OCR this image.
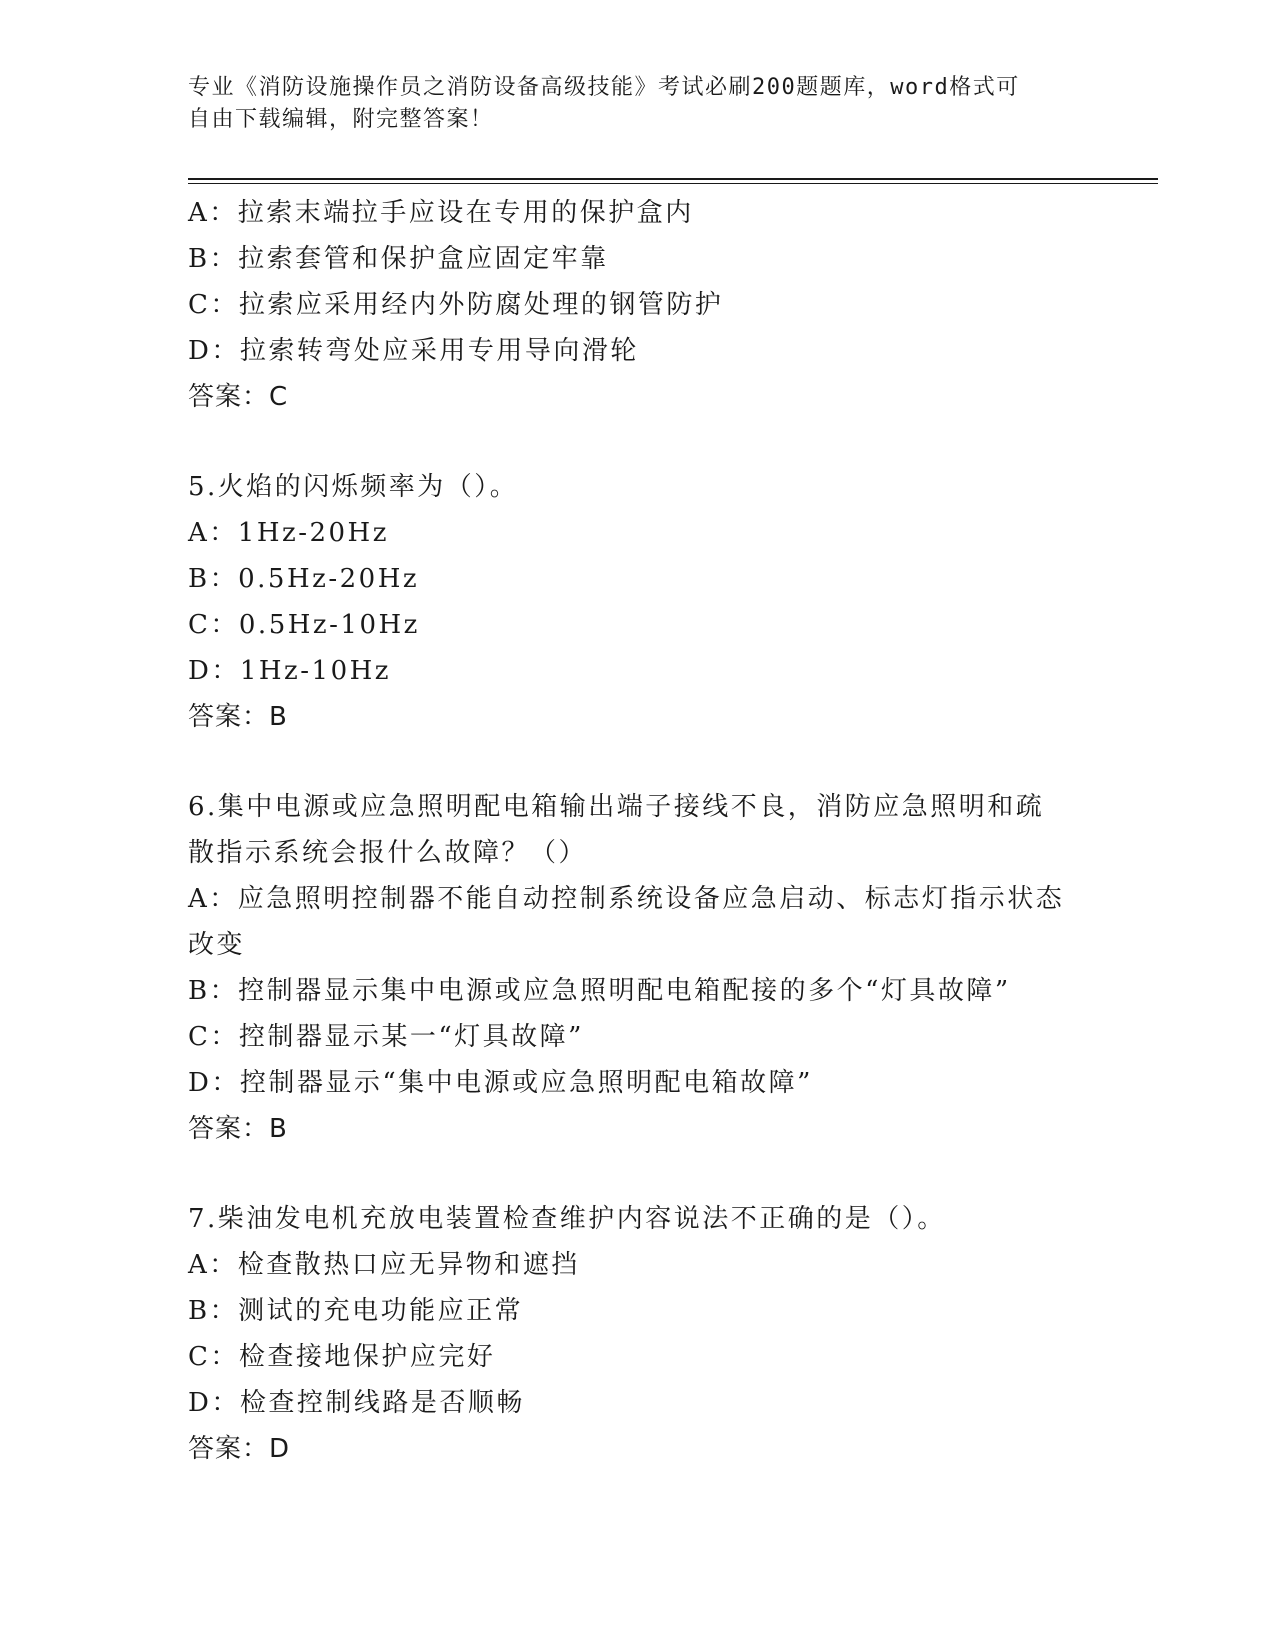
专业《消防设施操作员之消防设备高级技能》考试必刷200题题库，word格式可
自由下载编辑，附完整答案！
A：拉索末端拉手应设在专用的保护盒内
B：拉索套管和保护盒应固定牢靠
C：拉索应采用经内外防腐处理的钢管防护
D：拉索转弯处应采用专用导向滑轮
答案：C
5.火焰的闪烁频率为（）。
A：1Hz-20Hz
B：0.5Hz-20Hz
C：0.5Hz-10Hz
D：1Hz-10Hz
答案：B
6.集中电源或应急照明配电箱输出端子接线不良，消防应急照明和疏
散指示系统会报什么故障？（）
A：应急照明控制器不能自动控制系统设备应急启动、标志灯指示状态
改变
B：控制器显示集中电源或应急照明配电箱配接的多个“灯具故障”
C：控制器显示某一“灯具故障”
D：控制器显示“集中电源或应急照明配电箱故障”
答案：B
7.柴油发电机充放电装置检查维护内容说法不正确的是（）。
A：检查散热口应无异物和遮挡
B：测试的充电功能应正常
C：检查接地保护应完好
D：检查控制线路是否顺畅
答案：D
